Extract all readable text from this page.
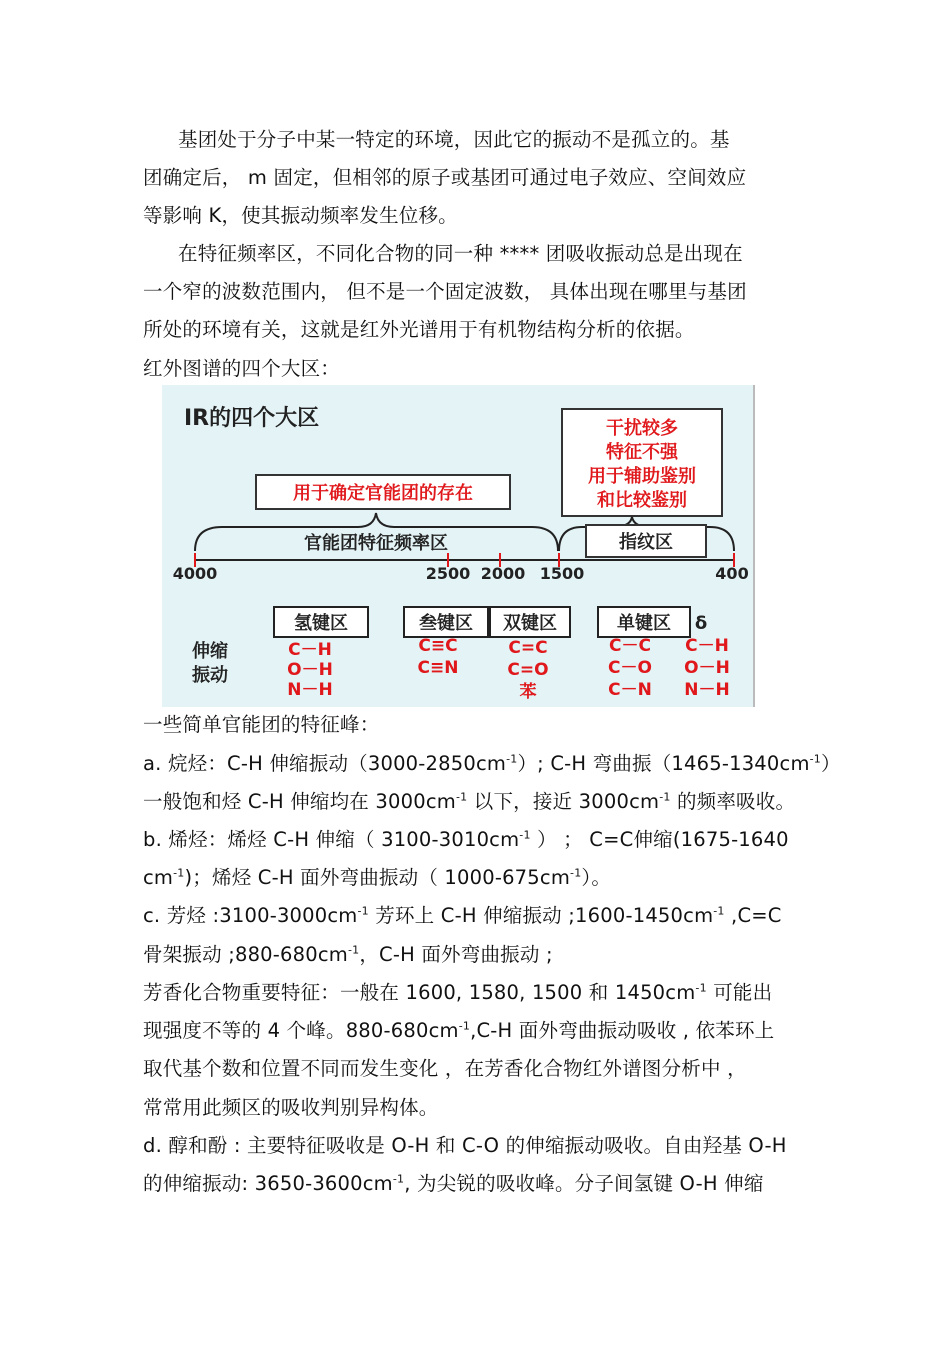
基团处于分子中某一特定的环境，因此它的振动不是孤立的。基
团确定后， m 固定，但相邻的原子或基团可通过电子效应、空间效应
等影响 K，使其振动频率发生位移。
在特征频率区，不同化合物的同一种 **** 团吸收振动总是出现在
一个窄的波数范围内， 但不是一个固定波数， 具体出现在哪里与基团
所处的环境有关，这就是红外光谱用于有机物结构分析的依据。
红外图谱的四个大区：
IR的四个大区	干扰较多
特征不强
用于辅助鉴别
和比较鉴别
用于确定官能团的存在
官能团特征频率区	指纹区
4000	2500 2000 1500	400
氢键区	叁键区 双键区	单键区 δ
伸缩
振动
C－H
O－H
N－H
C≡C
C≡N
C=C
C=O
苯
C－C
C－O
C－N
C－H
O－H
N－H
一些简单官能团的特征峰：
a. 烷烃：C-H 伸缩振动$(3000-2850cm^{-1})$; C-H 弯曲振$(1465-1340cm^{-1})$
一般饱和烃 C-H 伸缩均在 $3000cm^{-1}$ 以下，接近 $3000cm^{-1}$ 的频率吸收。
b. 烯烃：烯烃 C-H 伸缩（ $3100-3010cm^{-1}$ ） ； C=C伸缩(1675-1640
$cm^{-1}$)；烯烃 C-H 面外弯曲振动（ $1000-675cm^{-1}$）。
c. 芳烃 $:3100-3000cm^{-1}$ 芳环上 C-H 伸缩振动 $;1600-1450cm^{-1}$ ,C=C
骨架振动 $;880-680cm^{-1}$，C-H 面外弯曲振动 ;
芳香化合物重要特征：一般在 1600, 1580, 1500 和 $1450cm^{-1}$ 可能出
现强度不等的 4 个峰。$880-680cm^{-1},C-H$ 面外弯曲振动吸收 , 依苯环上
取代基个数和位置不同而发生变化 ，在芳香化合物红外谱图分析中 ，
常常用此频区的吸收判别异构体。
d. 醇和酚 : 主要特征吸收是 O-H 和 C-O 的伸缩振动吸收。自由羟基 O-H
的伸缩振动: $3650-3600cm^{-1}$, 为尖锐的吸收峰。分子间氢键 O-H 伸缩
